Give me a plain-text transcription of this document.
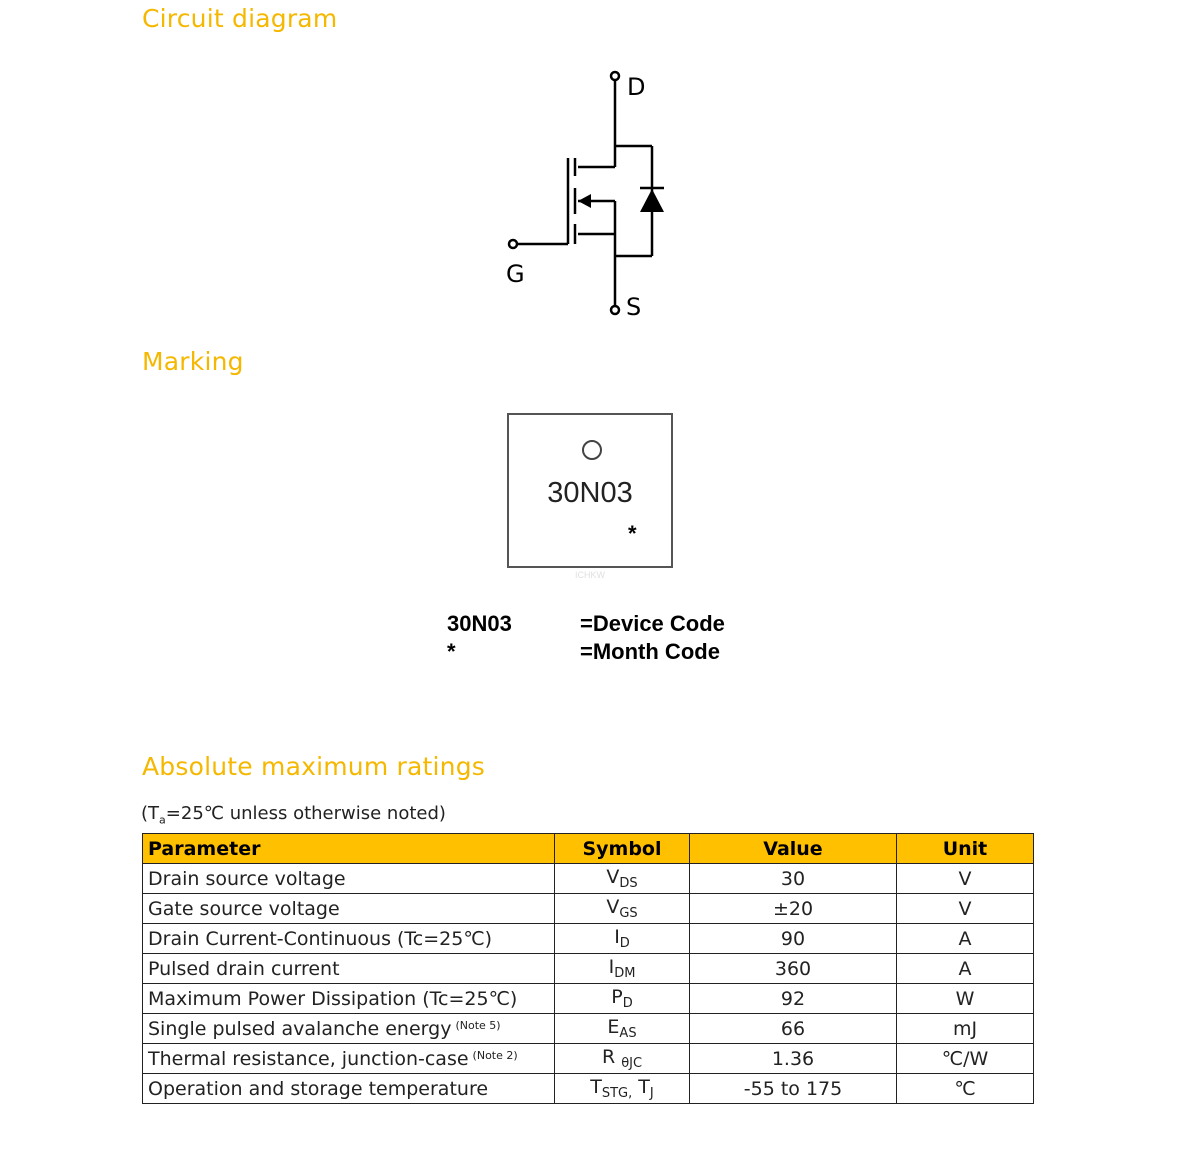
Circuit diagram
D
G
S
Marking
30N03
*
ICHKW
30N03
*
=Device Code
=Month Code
Absolute maximum ratings
($T_a=25℃$ unless otherwise noted)
Parameter	Symbol	Value	Unit
Drain source voltage	$V_{DS}$	30	V
Gate source voltage	$V_{GS}$	±20	V
Drain Current-Continuous (Tc=25℃)	$I_D$	90	A
Pulsed drain current	$I_{DM}$	360	A
Maximum Power Dissipation (Tc=25℃)	$P_D$	92	W
Single pulsed avalanche energy $^{(Note 5)}$	$E_{AS}$	66	mJ
Thermal resistance, junction-case $^{(Note 2)}$	R $_{\theta JC}$	1.36	℃/W
Operation and storage temperature	$T_{STG,}$ $T_J$	-55 to 175	℃
